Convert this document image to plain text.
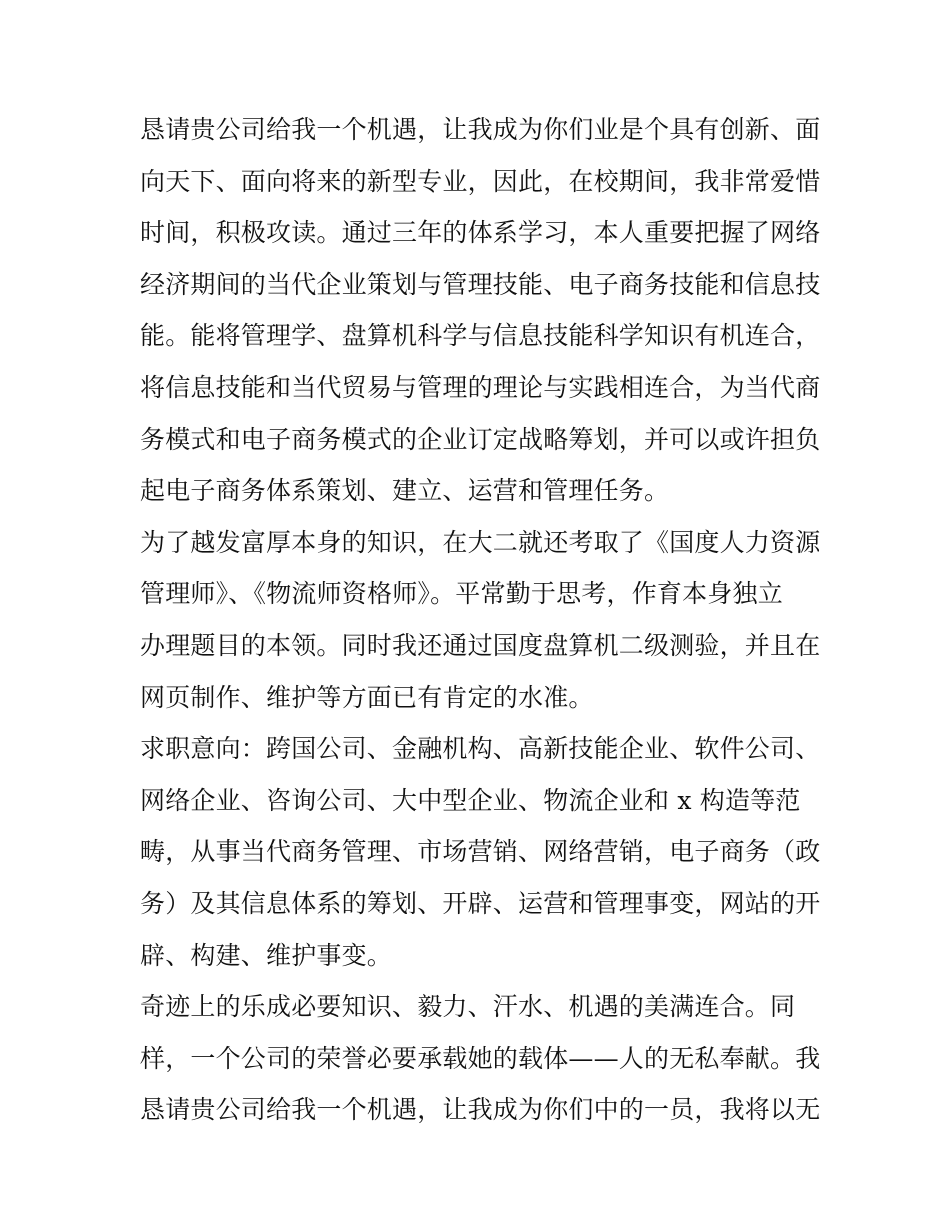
恳请贵公司给我一个机遇，让我成为你们业是个具有创新、面
向天下、面向将来的新型专业，因此，在校期间，我非常爱惜
时间，积极攻读。通过三年的体系学习，本人重要把握了网络
经济期间的当代企业策划与管理技能、电子商务技能和信息技
能。能将管理学、盘算机科学与信息技能科学知识有机连合，
将信息技能和当代贸易与管理的理论与实践相连合，为当代商
务模式和电子商务模式的企业订定战略筹划，并可以或许担负
起电子商务体系策划、建立、运营和管理任务。
为了越发富厚本身的知识，在大二就还考取了《国度人力资源
管理师》、《物流师资格师》。平常勤于思考，作育本身独立
办理题目的本领。同时我还通过国度盘算机二级测验，并且在
网页制作、维护等方面已有肯定的水准。
求职意向：跨国公司、金融机构、高新技能企业、软件公司、
网络企业、咨询公司、大中型企业、物流企业和 x 构造等范
畴，从事当代商务管理、市场营销、网络营销，电子商务（政
务）及其信息体系的筹划、开辟、运营和管理事变，网站的开
辟、构建、维护事变。
奇迹上的乐成必要知识、毅力、汗水、机遇的美满连合。同
样，一个公司的荣誉必要承载她的载体——人的无私奉献。我
恳请贵公司给我一个机遇，让我成为你们中的一员，我将以无
